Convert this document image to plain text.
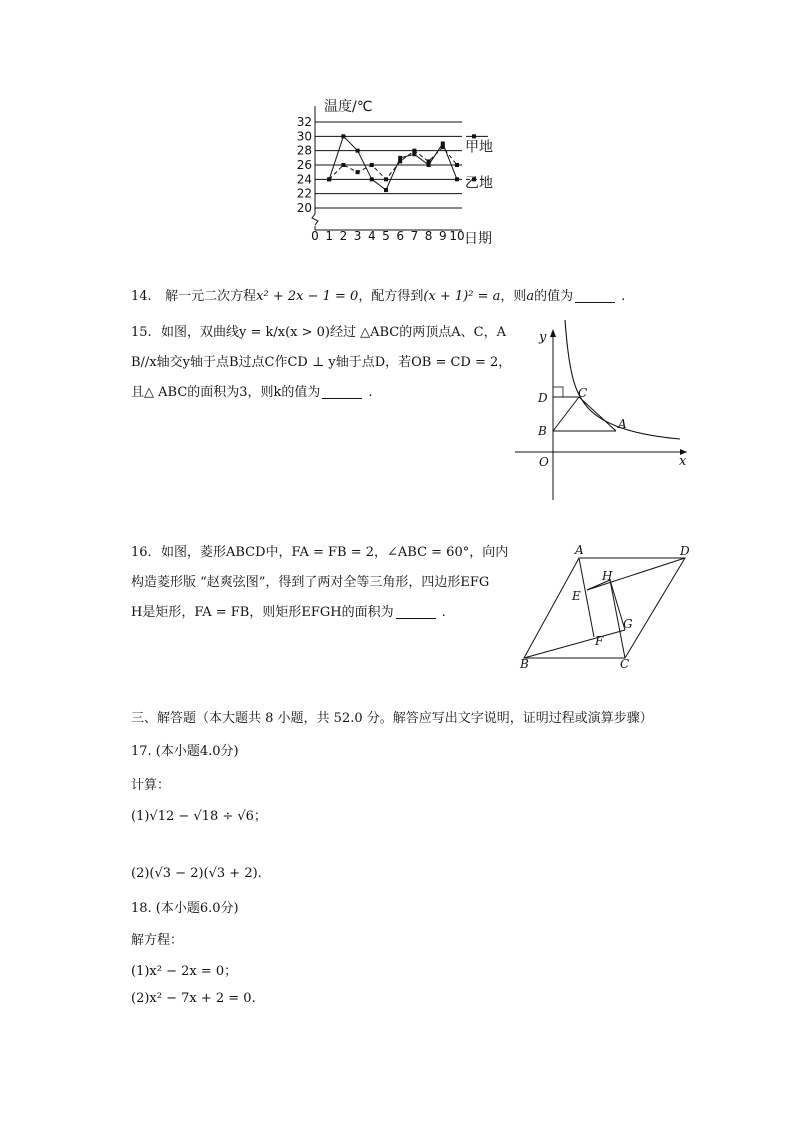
20
22
24
26
28
30
32
0 1 2 3 4 5 6 7 8 9 10
温度/℃
日期
甲地
乙地
14. 解一元二次方程x² + 2x − 1 = 0，配方得到(x + 1)² = a，则a的值为	.
15. 如图，双曲线y = k/x(x > 0)经过 △ABC的两顶点A、C，A
B//x轴交y轴于点B过点C作CD ⊥ y轴于点D，若OB = CD = 2，
且△ ABC的面积为3，则k的值为	.
y
x
D	C
B	A
O
16. 如图，菱形ABCD中，FA = FB = 2，∠ABC = 60°，向内
构造菱形版 “赵爽弦图”，得到了两对全等三角形，四边形EFG
H是矩形，FA = FB，则矩形EFGH的面积为	.
A	D
H
E
G
F
B	C
三、解答题（本大题共 8 小题，共 52.0 分。解答应写出文字说明，证明过程或演算步骤）
17. (本小题4.0分)
计算：
(1)√12 − √18 ÷ √6；
(2)(√3 − 2)(√3 + 2).
18. (本小题6.0分)
解方程：
(1)x² − 2x = 0；
(2)x² − 7x + 2 = 0.
